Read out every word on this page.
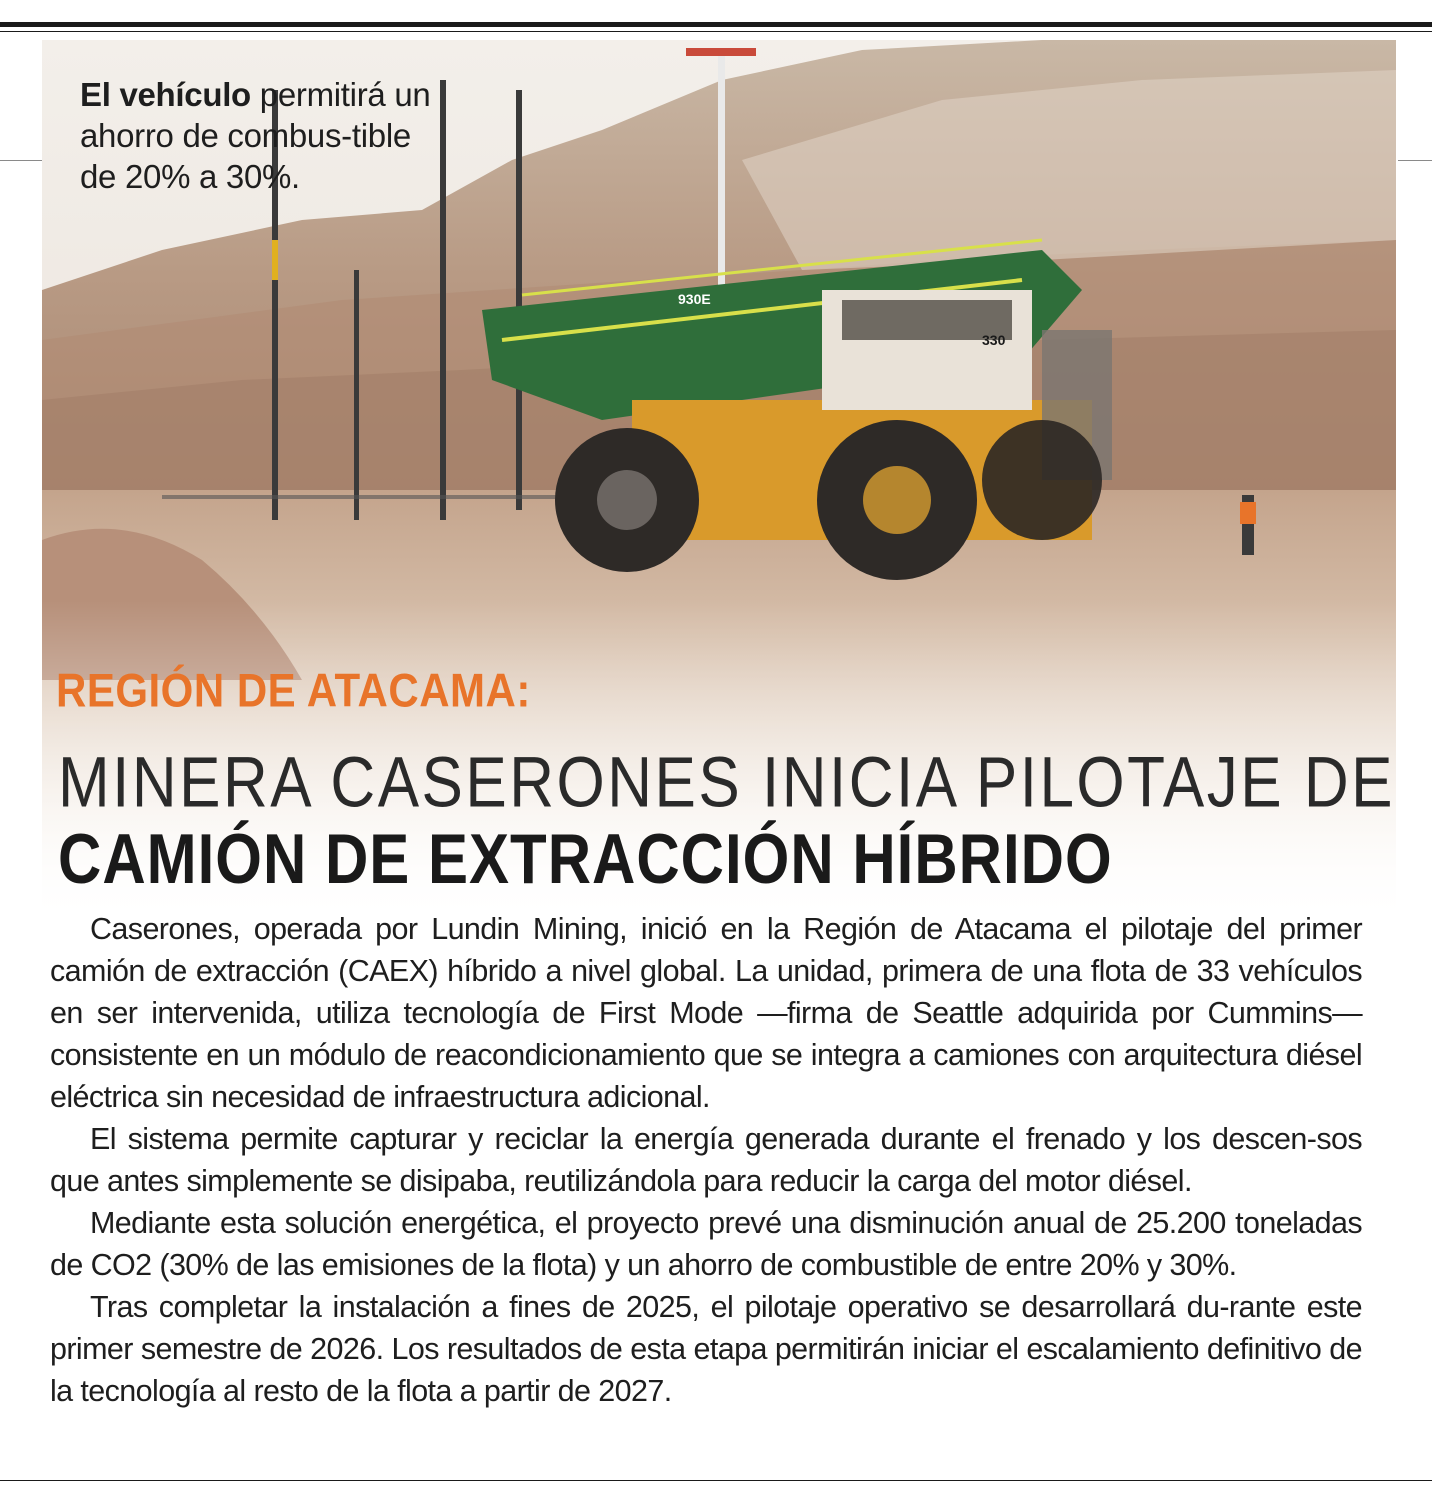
930E
330
El vehículo permitirá un ahorro de combus-tible de 20% a 30%.
REGIÓN DE ATACAMA:
MINERA CASERONES INICIA PILOTAJE DE
CAMIÓN DE EXTRACCIÓN HÍBRIDO

Caserones, operada por Lundin Mining, inició en la Región de Atacama el pilotaje del primer camión de extracción (CAEX) híbrido a nivel global. La unidad, primera de una flota de 33 vehículos en ser intervenida, utiliza tecnología de First Mode —firma de Seattle adquirida por Cummins— consistente en un módulo de reacondicionamiento que se integra a camiones con arquitectura diésel eléctrica sin necesidad de infraestructura adicional.

El sistema permite capturar y reciclar la energía generada durante el frenado y los descen-sos que antes simplemente se disipaba, reutilizándola para reducir la carga del motor diésel.

Mediante esta solución energética, el proyecto prevé una disminución anual de 25.200 toneladas de CO2 (30% de las emisiones de la flota) y un ahorro de combustible de entre 20% y 30%.

Tras completar la instalación a fines de 2025, el pilotaje operativo se desarrollará du-rante este primer semestre de 2026. Los resultados de esta etapa permitirán iniciar el escalamiento definitivo de la tecnología al resto de la flota a partir de 2027.
